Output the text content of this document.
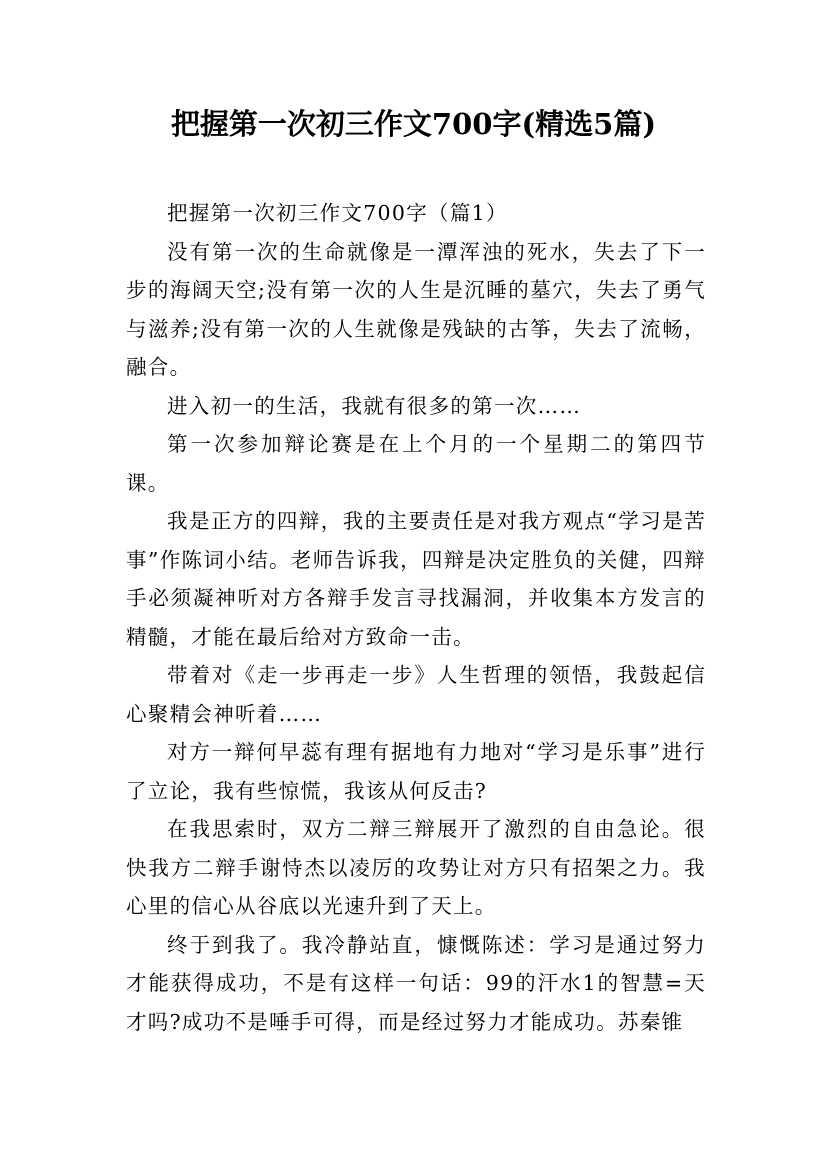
把握第一次初三作文700字(精选5篇)

把握第一次初三作文700字（篇1）

没有第一次的生命就像是一潭浑浊的死水，失去了下一步的海阔天空;没有第一次的人生是沉睡的墓穴，失去了勇气与滋养;没有第一次的人生就像是残缺的古筝，失去了流畅，融合。

进入初一的生活，我就有很多的第一次……

第一次参加辩论赛是在上个月的一个星期二的第四节课。

我是正方的四辩，我的主要责任是对我方观点“学习是苦事”作陈词小结。老师告诉我，四辩是决定胜负的关健，四辩手必须凝神听对方各辩手发言寻找漏洞，并收集本方发言的精髓，才能在最后给对方致命一击。

带着对《走一步再走一步》人生哲理的领悟，我鼓起信心聚精会神听着……

对方一辩何早蕊有理有据地有力地对“学习是乐事”进行了立论，我有些惊慌，我该从何反击?

在我思索时，双方二辩三辩展开了激烈的自由急论。很快我方二辩手谢恃杰以凌厉的攻势让对方只有招架之力。我心里的信心从谷底以光速升到了天上。

终于到我了。我冷静站直，慷慨陈述：学习是通过努力才能获得成功，不是有这样一句话：99的汗水1的智慧=天才吗?成功不是唾手可得，而是经过努力才能成功。苏秦锥
